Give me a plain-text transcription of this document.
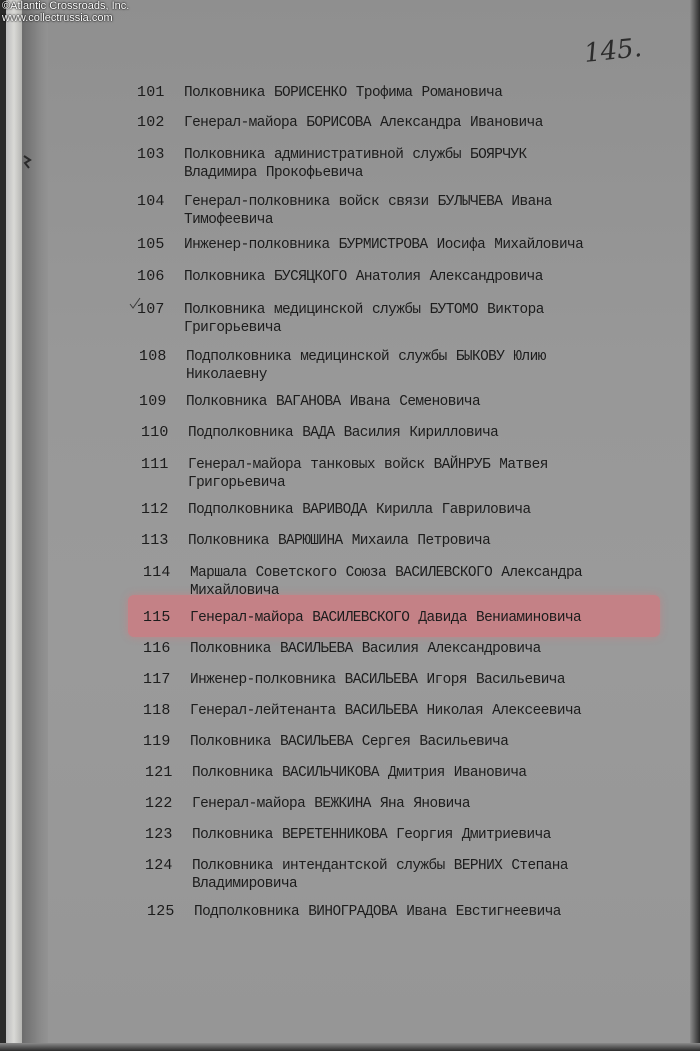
©Atlantic Crossroads, Inc.
www.collectrussia.com
145.
101 Полковника БОРИСЕНКО Трофима Романовича
102 Генерал-майора БОРИСОВА Александра Ивановича
103 Полковника административной службы БОЯРЧУК
Владимира Прокофьевича
104 Генерал-полковника войск связи БУЛЫЧЕВА Ивана
Тимофеевича
105 Инженер-полковника БУРМИСТРОВА Иосифа Михайловича
106 Полковника БУСЯЦКОГО Анатолия Александровича
107 Полковника медицинской службы БУТОМО Виктора
Григорьевича
108 Подполковника медицинской службы БЫКОВУ Юлию
Николаевну
109 Полковника ВАГАНОВА Ивана Семеновича
110 Подполковника ВАДА Василия Кирилловича
111 Генерал-майора танковых войск ВАЙНРУБ Матвея
Григорьевича
112 Подполковника ВАРИВОДА Кирилла Гавриловича
113 Полковника ВАРЮШИНА Михаила Петровича
114 Маршала Советского Союза ВАСИЛЕВСКОГО Александра
Михайловича
115 Генерал-майора ВАСИЛЕВСКОГО Давида Вениаминовича
116 Полковника ВАСИЛЬЕВА Василия Александровича
117 Инженер-полковника ВАСИЛЬЕВА Игоря Васильевича
118 Генерал-лейтенанта ВАСИЛЬЕВА Николая Алексеевича
119 Полковника ВАСИЛЬЕВА Сергея Васильевича
121 Полковника ВАСИЛЬЧИКОВА Дмитрия Ивановича
122 Генерал-майора ВЕЖКИНА Яна Яновича
123 Полковника ВЕРЕТЕННИКОВА Георгия Дмитриевича
124 Полковника интендантской службы ВЕРНИХ Степана
Владимировича
125 Подполковника ВИНОГРАДОВА Ивана Евстигнеевича
